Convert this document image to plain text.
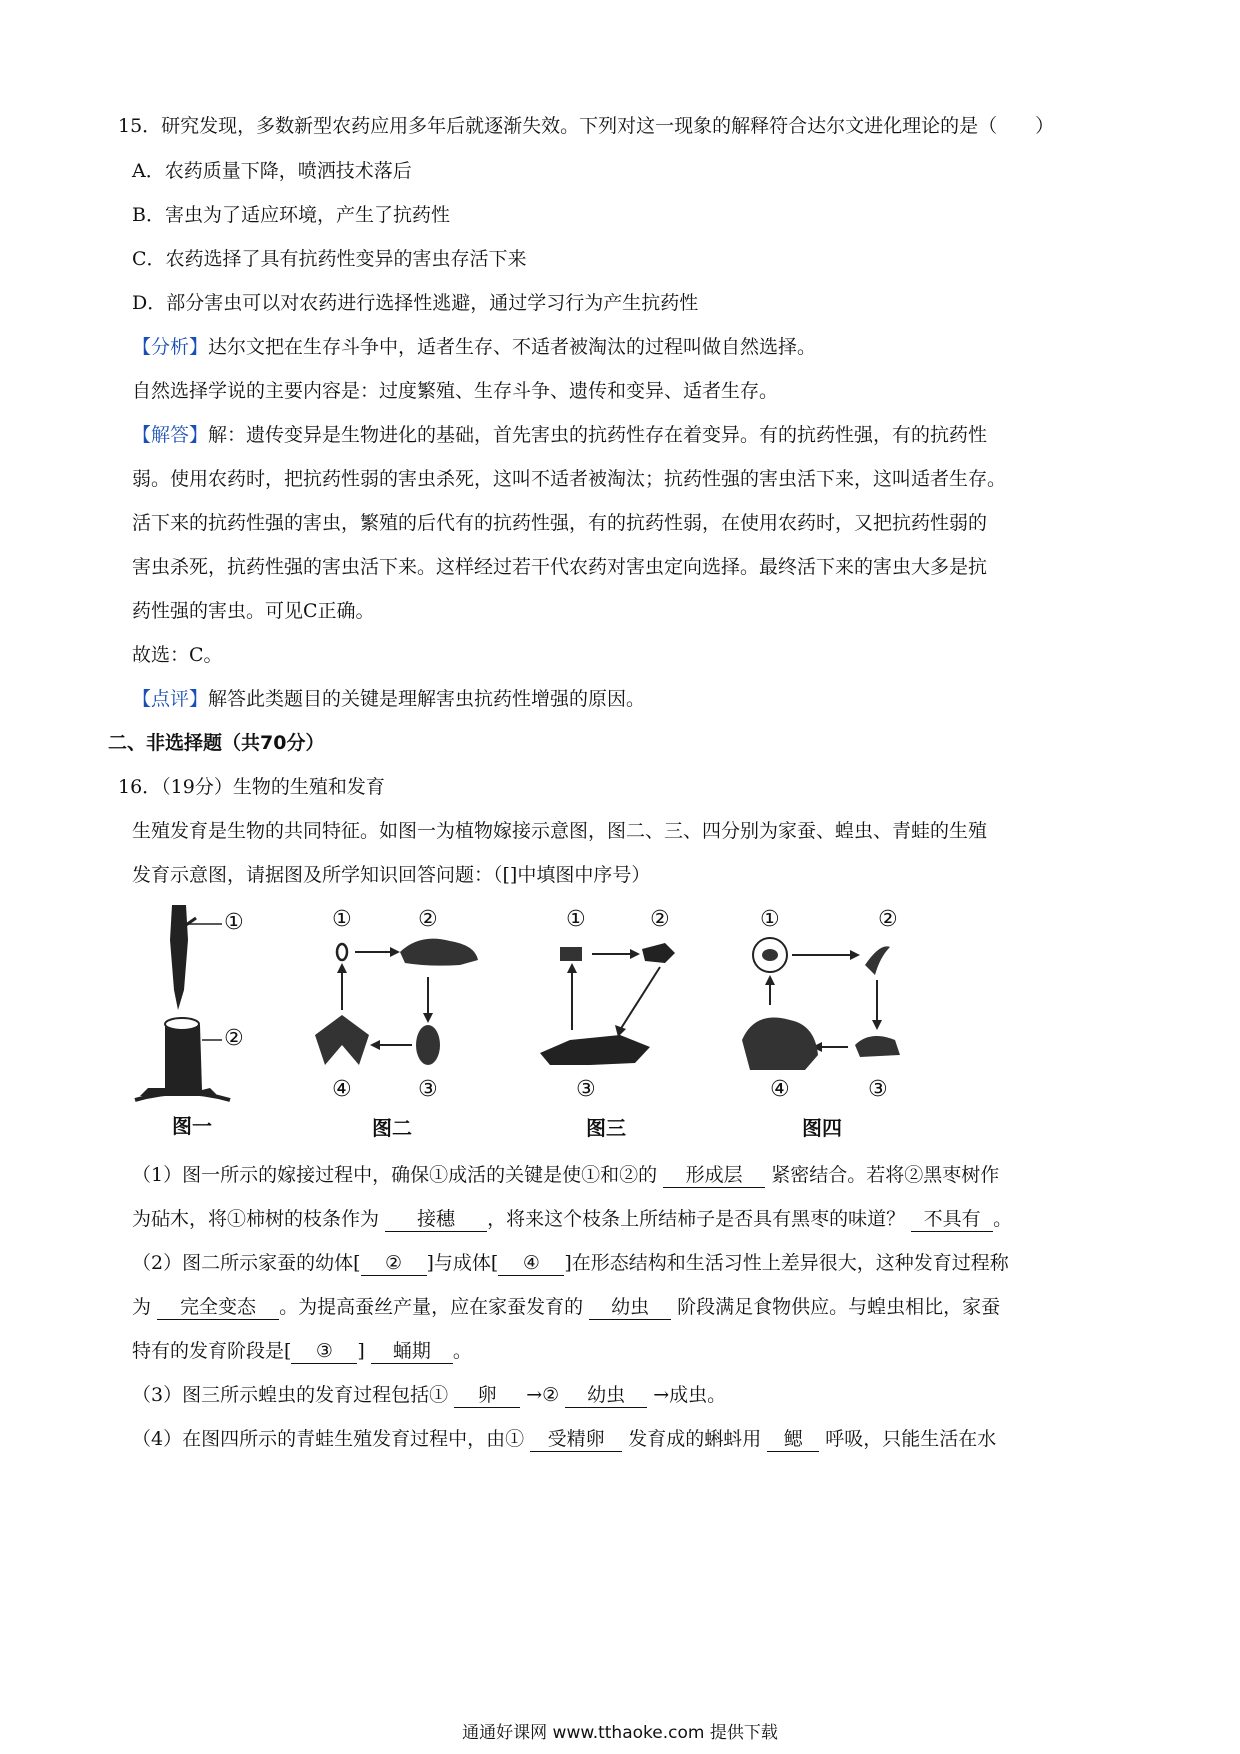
15．研究发现，多数新型农药应用多年后就逐渐失效。下列对这一现象的解释符合达尔文进化理论的是（　　）
A．农药质量下降，喷洒技术落后
B．害虫为了适应环境，产生了抗药性
C．农药选择了具有抗药性变异的害虫存活下来
D．部分害虫可以对农药进行选择性逃避，通过学习行为产生抗药性
【分析】达尔文把在生存斗争中，适者生存、不适者被淘汰的过程叫做自然选择。
自然选择学说的主要内容是：过度繁殖、生存斗争、遗传和变异、适者生存。
【解答】解：遗传变异是生物进化的基础，首先害虫的抗药性存在着变异。有的抗药性强，有的抗药性
弱。使用农药时，把抗药性弱的害虫杀死，这叫不适者被淘汰；抗药性强的害虫活下来，这叫适者生存。
活下来的抗药性强的害虫，繁殖的后代有的抗药性强，有的抗药性弱，在使用农药时，又把抗药性弱的
害虫杀死，抗药性强的害虫活下来。这样经过若干代农药对害虫定向选择。最终活下来的害虫大多是抗
药性强的害虫。可见C正确。
故选：C。
【点评】解答此类题目的关键是理解害虫抗药性增强的原因。
二、非选择题（共70分）
16．（19分）生物的生殖和发育
生殖发育是生物的共同特征。如图一为植物嫁接示意图，图二、三、四分别为家蚕、蝗虫、青蛙的生殖
发育示意图，请据图及所学知识回答问题：（[]中填图中序号）
①
②
图一
①	②
③
④
图二
①	②
③
图三
①	②
③
④
图四
（1）图一所示的嫁接过程中，确保①成活的关键是使①和②的 形成层 紧密结合。若将②黑枣树作
为砧木，将①柿树的枝条作为 接穗 ，将来这个枝条上所结柿子是否具有黑枣的味道？ 不具有 。
（2）图二所示家蚕的幼体[ ② ]与成体[ ④ ]在形态结构和生活习性上差异很大，这种发育过程称
为 完全变态 。为提高蚕丝产量，应在家蚕发育的 幼虫 阶段满足食物供应。与蝗虫相比，家蚕
特有的发育阶段是[ ③ ] 蛹期 。
（3）图三所示蝗虫的发育过程包括① 卵 →② 幼虫 →成虫。
（4）在图四所示的青蛙生殖发育过程中，由① 受精卵 发育成的蝌蚪用 鳃 呼吸，只能生活在水
通通好课网 www.tthaoke.com 提供下载
